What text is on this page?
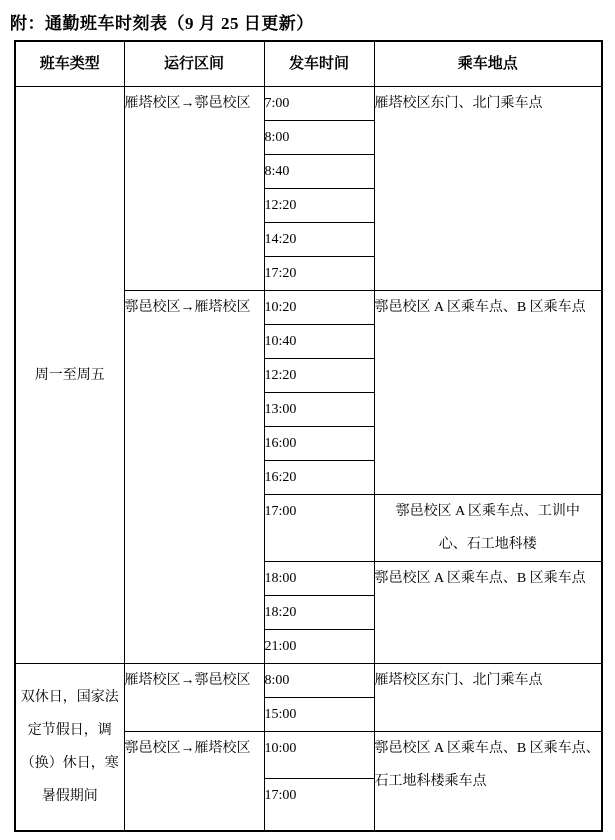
附：通勤班车时刻表（9 月 25 日更新）
班车类型	运行区间	发车时间	乘车地点
周一至周五	雁塔校区→鄠邑校区	7:00	雁塔校区东门、北门乘车点
		8:00	
		8:40	
		12:20	
		14:20	
		17:20	
	鄠邑校区→雁塔校区	10:20	鄠邑校区 A 区乘车点、B 区乘车点
		10:40	
		12:20	
		13:00	
		16:00	
		16:20	
		17:00	鄠邑校区 A 区乘车点、工训中心、石工地科楼
		18:00	鄠邑校区 A 区乘车点、B 区乘车点
		18:20	
		21:00	
双休日，国家法定节假日，调（换）休日，寒暑假期间	雁塔校区→鄠邑校区	8:00	雁塔校区东门、北门乘车点
		15:00	
	鄠邑校区→雁塔校区	10:00	鄠邑校区 A 区乘车点、B 区乘车点、石工地科楼乘车点
		17:00	
